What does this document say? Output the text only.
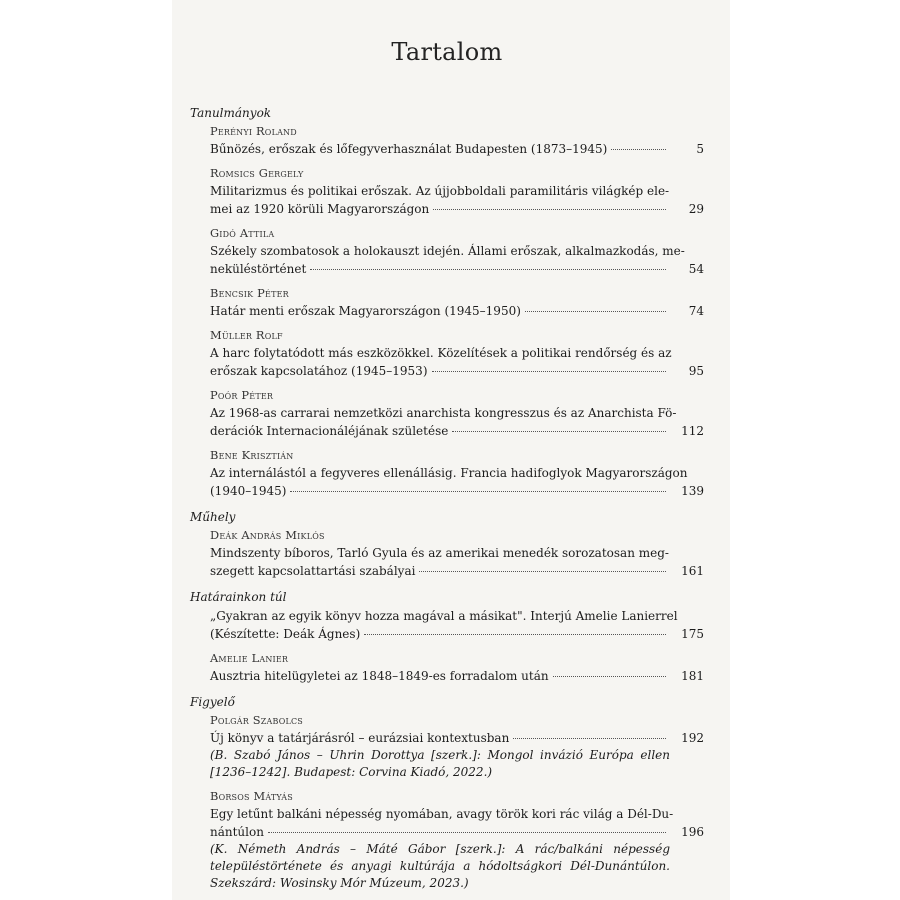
Tartalom
Tanulmányok
Perényi Roland
Bűnözés, erőszak és lőfegyverhasználat Budapesten (1873–1945)	5
Romsics Gergely
Militarizmus és politikai erőszak. Az újjobboldali paramilitáris világkép ele-
mei az 1920 körüli Magyarországon	29
Gidó Attila
Székely szombatosok a holokauszt idején. Állami erőszak, alkalmazkodás, me-
neküléstörténet	54
Bencsik Péter
Határ menti erőszak Magyarországon (1945–1950)	74
Müller Rolf
A harc folytatódott más eszközökkel. Közelítések a politikai rendőrség és az
erőszak kapcsolatához (1945–1953)	95
Poór Péter
Az 1968-as carrarai nemzetközi anarchista kongresszus és az Anarchista Fö-
derációk Internacionáléjának születése	112
Bene Krisztián
Az internálástól a fegyveres ellenállásig. Francia hadifoglyok Magyarországon
(1940–1945)	139
Műhely
Deák András Miklós
Mindszenty bíboros, Tarló Gyula és az amerikai menedék sorozatosan meg-
szegett kapcsolattartási szabályai	161
Határainkon túl
„Gyakran az egyik könyv hozza magával a másikat". Interjú Amelie Lanierrel
(Készítette: Deák Ágnes)	175
Amelie Lanier
Ausztria hitelügyletei az 1848–1849-es forradalom után	181
Figyelő
Polgár Szabolcs
Új könyv a tatárjárásról – eurázsiai kontextusban	192
(B. Szabó János – Uhrin Dorottya [szerk.]: Mongol invázió Európa ellen [1236–1242]. Budapest: Corvina Kiadó, 2022.)
Borsos Mátyás
Egy letűnt balkáni népesség nyomában, avagy török kori rác világ a Dél-Du-
nántúlon	196
(K. Németh András – Máté Gábor [szerk.]: A rác/balkáni népesség településtörténete és anyagi kultúrája a hódoltságkori Dél-Dunántúlon. Szekszárd: Wosinsky Mór Múzeum, 2023.)
